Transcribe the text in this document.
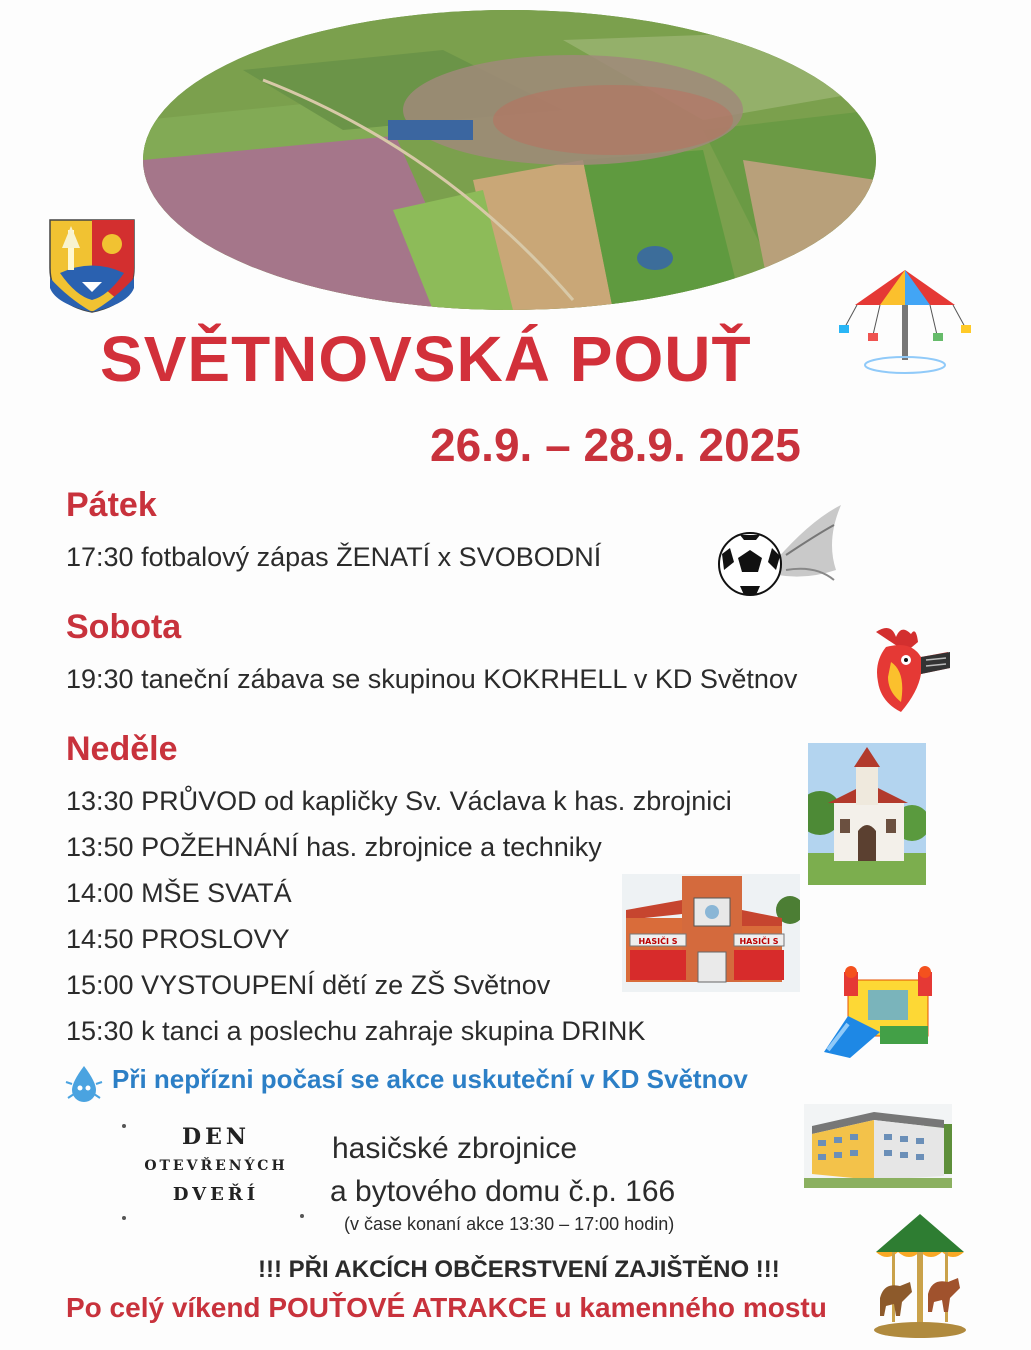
SVĚTNOVSKÁ POUŤ
26.9. – 28.9. 2025
Pátek
17:30 fotbalový zápas ŽENATÍ x SVOBODNÍ
Sobota
19:30 taneční zábava se skupinou KOKRHELL v KD Světnov
Neděle
13:30 PRŮVOD od kapličky Sv. Václava k has. zbrojnici
13:50 POŽEHNÁNÍ has. zbrojnice a techniky
14:00 MŠE SVATÁ
14:50 PROSLOVY
15:00 VYSTOUPENÍ dětí ze ZŠ Světnov
15:30 k tanci a poslechu zahraje skupina DRINK
HASIČI S	HASIČI S
Při nepřízni počasí se akce uskuteční v KD Světnov
DEN
OTEVŘENÝCH
DVEŘÍ
hasičské zbrojnice
a bytového domu č.p. 166
(v čase konaní akce 13:30 – 17:00 hodin)
!!! PŘI AKCÍCH OBČERSTVENÍ ZAJIŠTĚNO !!!
Po celý víkend POUŤOVÉ ATRAKCE u kamenného mostu
